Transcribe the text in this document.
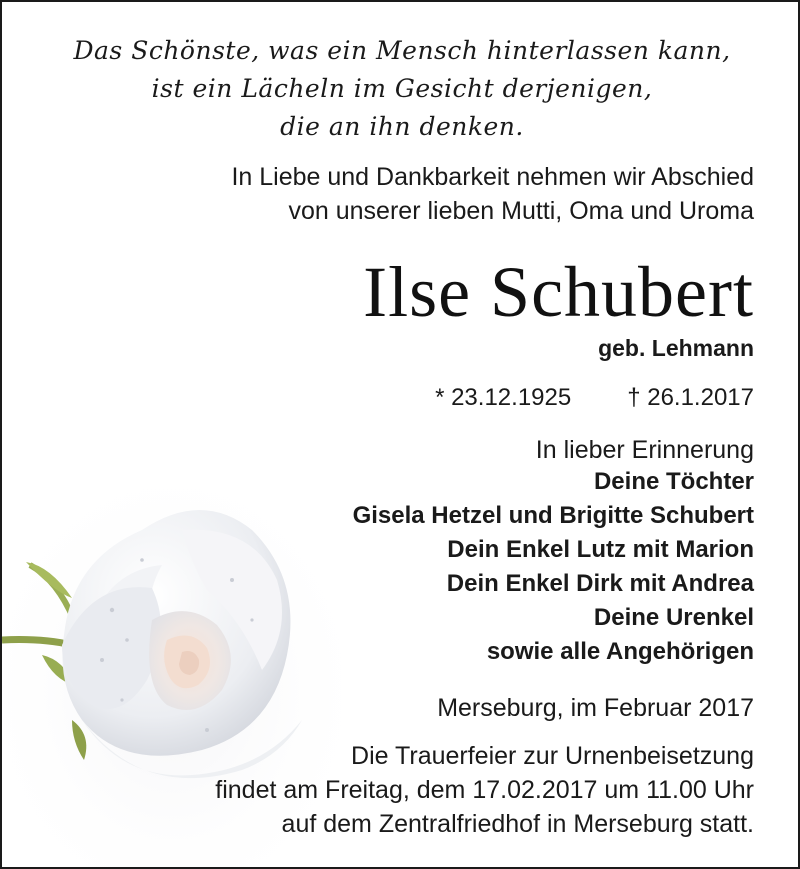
Das Schönste, was ein Mensch hinterlassen kann,
ist ein Lächeln im Gesicht derjenigen,
die an ihn denken.
In Liebe und Dankbarkeit nehmen wir Abschied
von unserer lieben Mutti, Oma und Uroma
Ilse Schubert
geb. Lehmann
* 23.12.1925 † 26.1.2017
In lieber Erinnerung
Deine Töchter
Gisela Hetzel und Brigitte Schubert
Dein Enkel Lutz mit Marion
Dein Enkel Dirk mit Andrea
Deine Urenkel
sowie alle Angehörigen
Merseburg, im Februar 2017
Die Trauerfeier zur Urnenbeisetzung
findet am Freitag, dem 17.02.2017 um 11.00 Uhr
auf dem Zentralfriedhof in Merseburg statt.
